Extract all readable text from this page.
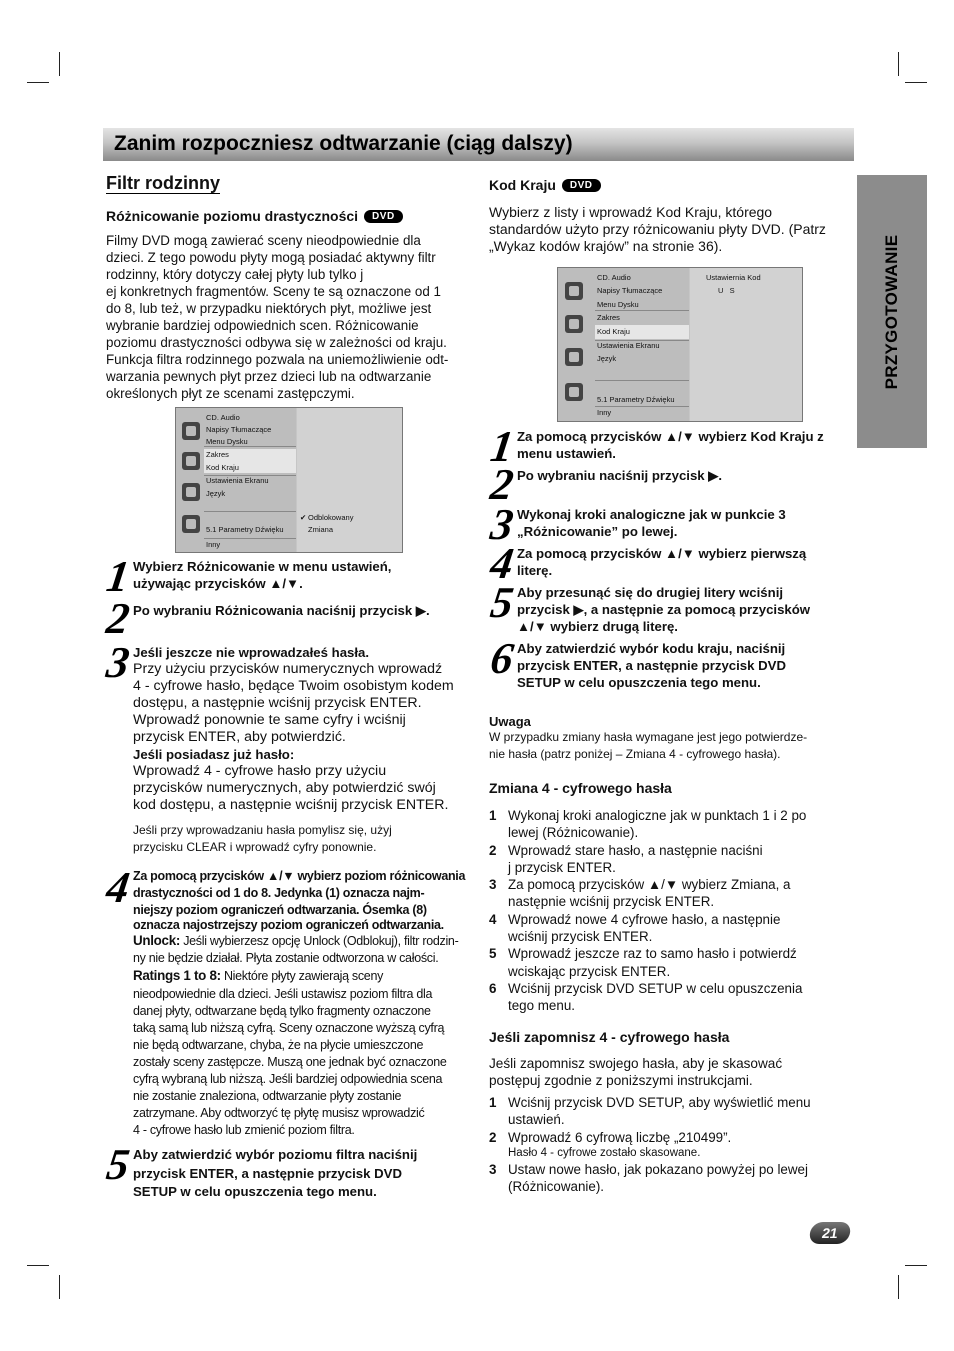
Zanim rozpoczniesz odtwarzanie (ciąg dalszy)
PRZYGOTOWANIE
Filtr rodzinny
Różnicowanie poziomu drastyczności DVD
Filmy DVD mogą zawierać sceny nieodpowiednie dla
dzieci. Z tego powodu płyty mogą posiadać aktywny filtr
rodzinny, który dotyczy całej płyty lub tylko j
ej konkretnych fragmentów. Sceny te są oznaczone od 1
do 8, lub też, w przypadku niektórych płyt, możliwe jest
wybranie bardziej odpowiednich scen. Różnicowanie
poziomu drastyczności odbywa się w zależności od kraju.
Funkcja filtra rodzinnego pozwala na uniemożliwienie odt-
warzania pewnych płyt przez dzieci lub na odtwarzanie
określonych płyt ze scenami zastępczymi.
CD. Audio
Napisy Tłumaczące
Menu Dysku
Zakres
Kod Kraju
Ustawienia Ekranu
Język
5.1 Parametry Dźwięku
Inny
✔ Odblokowany
Zmiana
1 Wybierz Różnicowanie w menu ustawień,
używając przycisków ▲/▼.
2 Po wybraniu Różnicowania naciśnij przycisk ▶.
3 Jeśli jeszcze nie wprowadzałeś hasła.
Przy użyciu przycisków numerycznych wprowadź
4 - cyfrowe hasło, będące Twoim osobistym kodem
dostępu, a następnie wciśnij przycisk ENTER.
Wprowadź ponownie te same cyfry i wciśnij
przycisk ENTER, aby potwierdzić.
Jeśli posiadasz już hasło:
Wprowadź 4 - cyfrowe hasło przy użyciu
przycisków numerycznych, aby potwierdzić swój
kod dostępu, a następnie wciśnij przycisk ENTER.
Jeśli przy wprowadzaniu hasła pomylisz się, użyj
przycisku CLEAR i wprowadź cyfry ponownie.
4 Za pomocą przycisków ▲/▼ wybierz poziom różnicowania
drastyczności od 1 do 8. Jedynka (1) oznacza najm-
niejszy poziom ograniczeń odtwarzania. Ósemka (8)
oznacza najostrzejszy poziom ograniczeń odtwarzania.
Unlock: Jeśli wybierzesz opcję Unlock (Odblokuj), filtr rodzin-
ny nie będzie działał. Płyta zostanie odtworzona w całości.
Ratings 1 to 8: Niektóre płyty zawierają sceny
nieodpowiednie dla dzieci. Jeśli ustawisz poziom filtra dla
danej płyty, odtwarzane będą tylko fragmenty oznaczone
taką samą lub niższą cyfrą. Sceny oznaczone wyższą cyfrą
nie będą odtwarzane, chyba, że na płycie umieszczone
zostały sceny zastępcze. Muszą one jednak być oznaczone
cyfrą wybraną lub niższą. Jeśli bardziej odpowiednia scena
nie zostanie znaleziona, odtwarzanie płyty zostanie
zatrzymane. Aby odtworzyć tę płytę musisz wprowadzić
4 - cyfrowe hasło lub zmienić poziom filtra.
5 Aby zatwierdzić wybór poziomu filtra naciśnij
przycisk ENTER, a następnie przycisk DVD
SETUP w celu opuszczenia tego menu.
Kod Kraju DVD
Wybierz z listy i wprowadź Kod Kraju, którego
standardów użyto przy różnicowaniu płyty DVD. (Patrz
„Wykaz kodów krajów” na stronie 36).
CD. Audio
Napisy Tłumaczące
Menu Dysku
Zakres
Kod Kraju
Ustawienia Ekranu
Język
5.1 Parametry Dźwięku
Inny
Ustawiernia Kod
U   S
1 Za pomocą przycisków ▲/▼ wybierz Kod Kraju z
menu ustawień.
2 Po wybraniu naciśnij przycisk ▶.
3 Wykonaj kroki analogiczne jak w punkcie 3
„Różnicowanie” po lewej.
4 Za pomocą przycisków ▲/▼ wybierz pierwszą
literę.
5 Aby przesunąć się do drugiej litery wciśnij
przycisk ▶, a następnie za pomocą przycisków
▲/▼ wybierz drugą literę.
6 Aby zatwierdzić wybór kodu kraju, naciśnij
przycisk ENTER, a następnie przycisk DVD
SETUP w celu opuszczenia tego menu.
Uwaga
W przypadku zmiany hasła wymagane jest jego potwierdze-
nie hasła (patrz poniżej – Zmiana 4 - cyfrowego hasła).
Zmiana 4 - cyfrowego hasła
1 Wykonaj kroki analogiczne jak w punktach 1 i 2 po
lewej (Różnicowanie).
2 Wprowadź stare hasło, a następnie naciśni
j przycisk ENTER.
3 Za pomocą przycisków ▲/▼ wybierz Zmiana, a
następnie wciśnij przycisk ENTER.
4 Wprowadź nowe 4 cyfrowe hasło, a następnie
wciśnij przycisk ENTER.
5 Wprowadź jeszcze raz to samo hasło i potwierdź
wciskając przycisk ENTER.
6 Wciśnij przycisk DVD SETUP w celu opuszczenia
tego menu.
Jeśli zapomnisz 4 - cyfrowego hasła
Jeśli zapomnisz swojego hasła, aby je skasować
postępuj zgodnie z poniższymi instrukcjami.
1 Wciśnij przycisk DVD SETUP, aby wyświetlić menu
ustawień.
2 Wprowadź 6 cyfrową liczbę „210499”.
Hasło 4 - cyfrowe zostało skasowane.
3 Ustaw nowe hasło, jak pokazano powyżej po lewej
(Różnicowanie).
21
